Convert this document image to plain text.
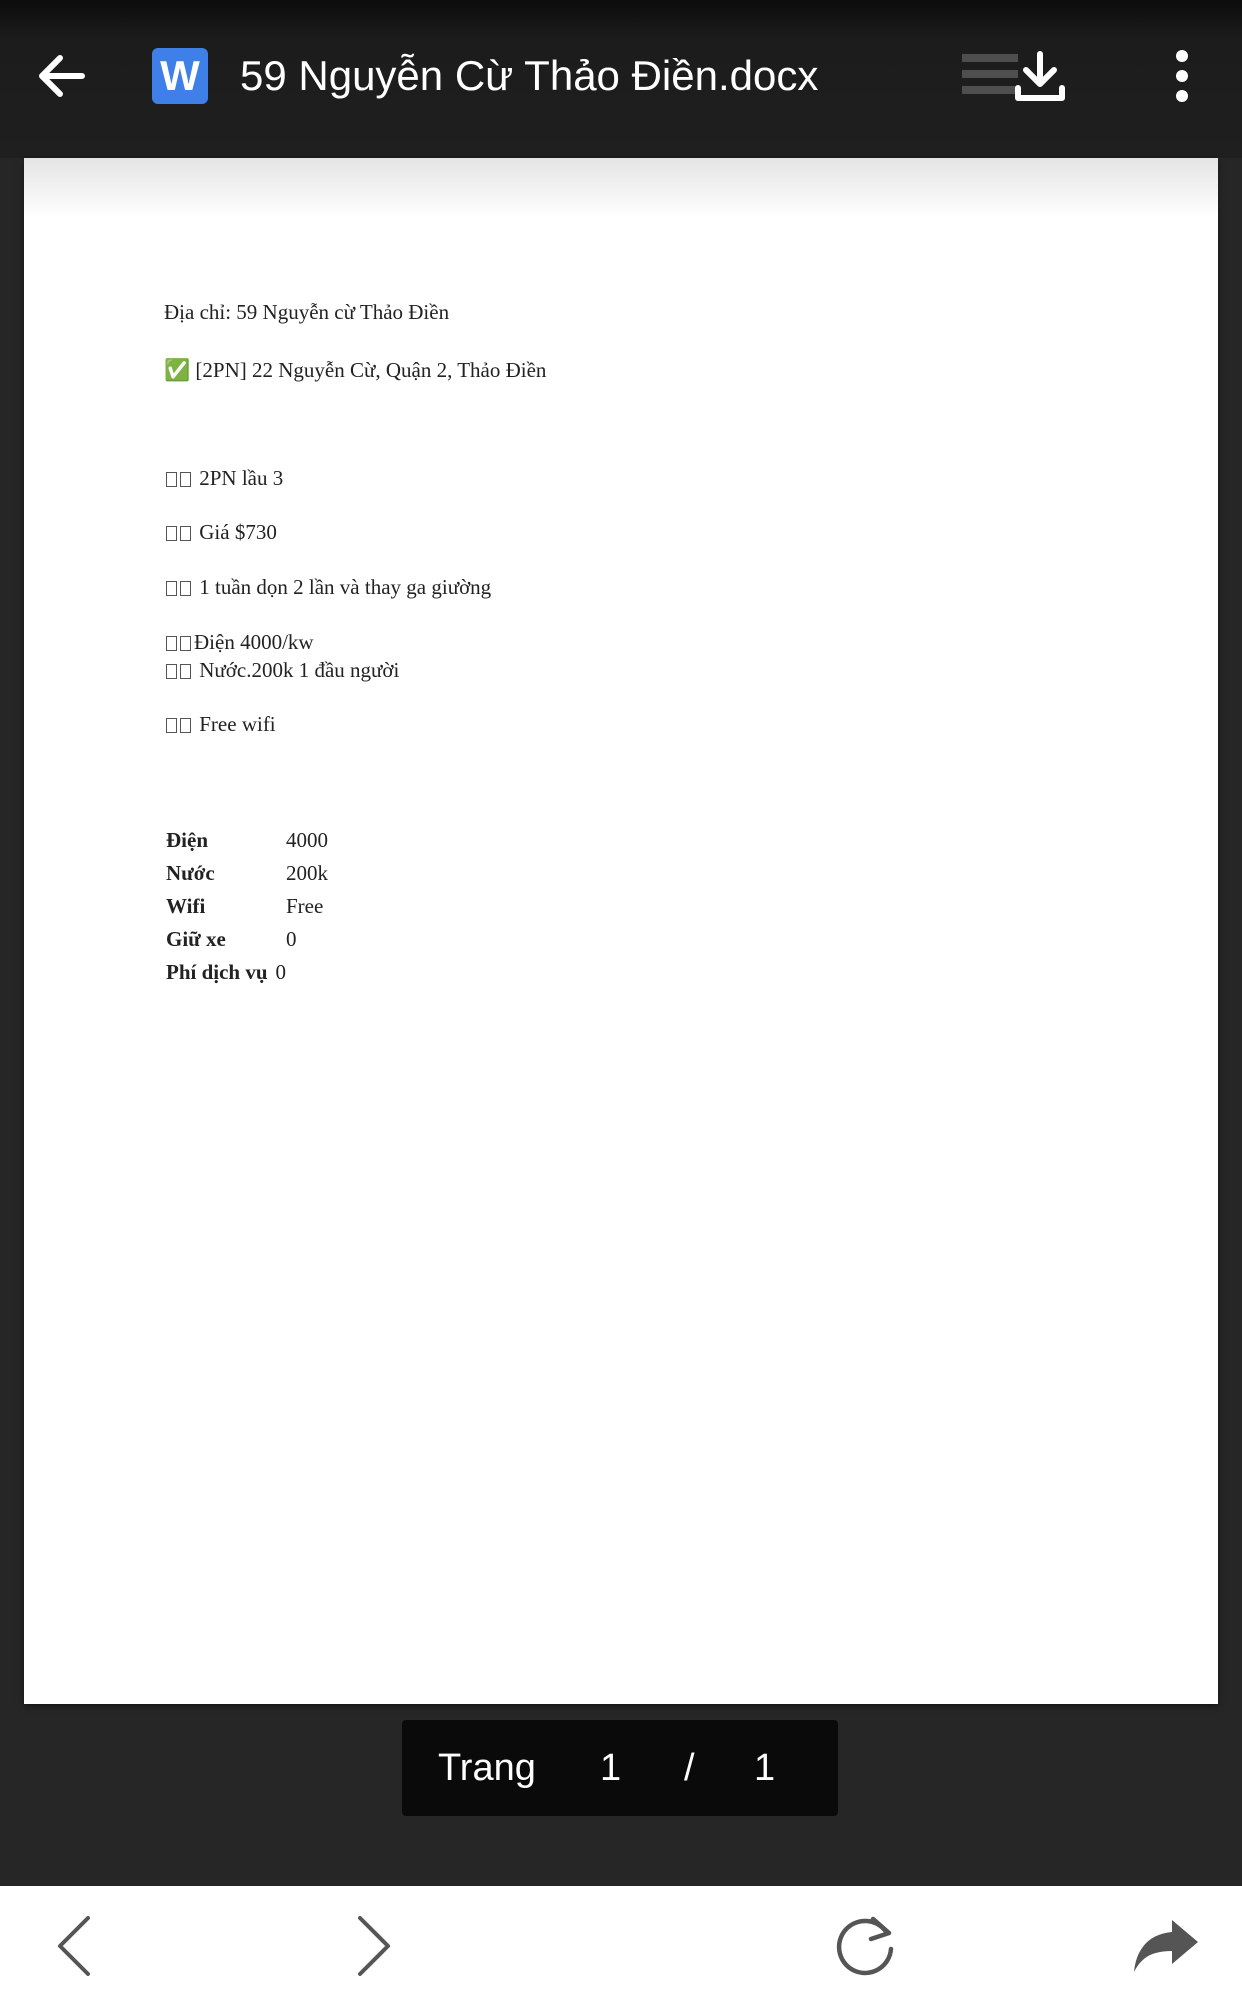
W 59 Nguyễn Cừ Thảo Điền.docx
Địa chỉ: 59 Nguyễn cừ Thảo Điền
✅ [2PN] 22 Nguyễn Cừ, Quận 2, Thảo Điền
2PN lầu 3
Giá $730
1 tuần dọn 2 lần và thay ga giường
Điện 4000/kw
Nước.200k 1 đầu người
Free wifi
Điện	4000
Nước	200k
Wifi	Free
Giữ xe	0
Phí dịch vụ 0
Trang 1 / 1
